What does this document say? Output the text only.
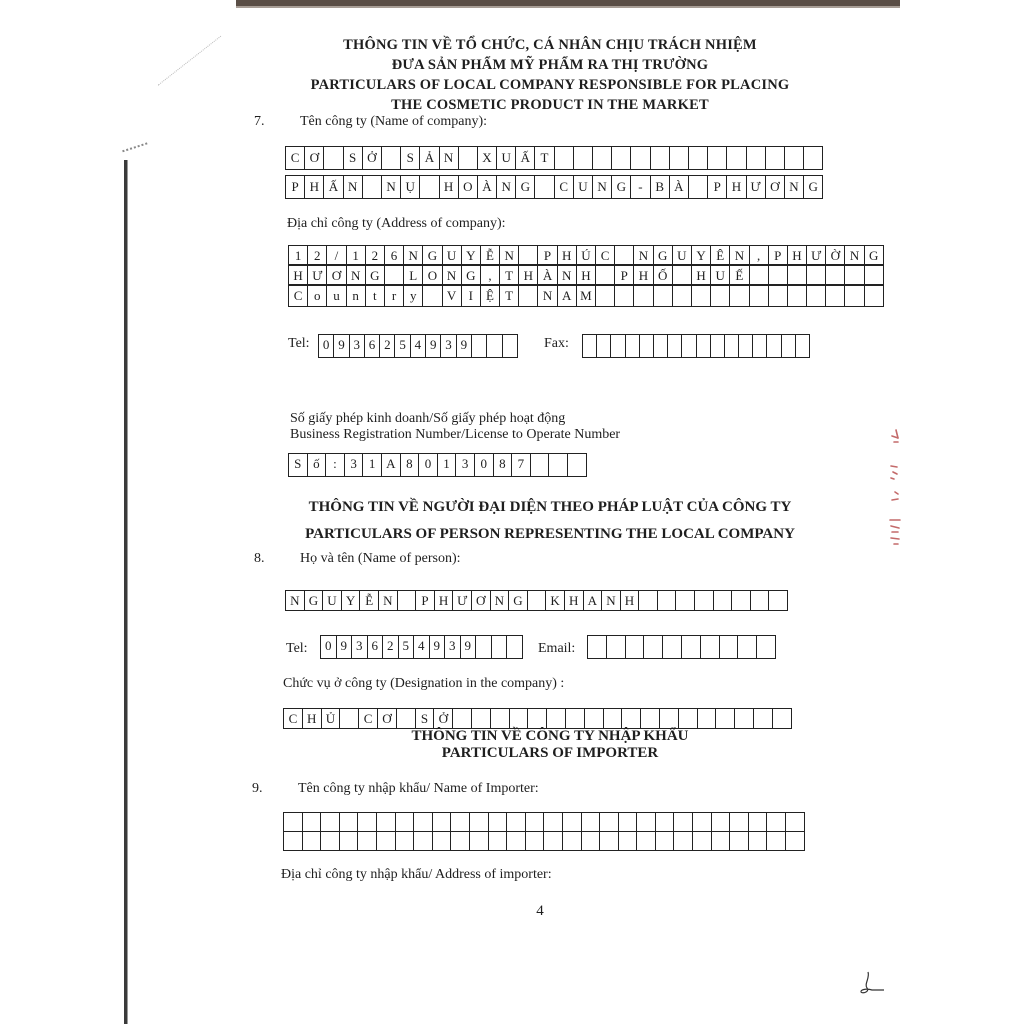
THÔNG TIN VỀ TỔ CHỨC, CÁ NHÂN CHỊU TRÁCH NHIỆM
ĐƯA SẢN PHẨM MỸ PHẨM RA THỊ TRƯỜNG
PARTICULARS OF LOCAL COMPANY RESPONSIBLE FOR PLACING
THE COSMETIC PRODUCT IN THE MARKET
7.	Tên công ty (Name of company):
C Ơ	S Ở	S Ả N	X U Ấ T
P H Ấ N	N Ụ	H O À N G	C U N G - B À	P H Ư Ơ N G
Địa chỉ công ty (Address of company):
1 2	/	1 2 6 N G U Y Ễ N	P H Ú C	N G U Y Ê N ,	P H Ư Ờ N G
H Ư Ơ N G	L O N G ,	T H À N H	P H Ố	H U Ế
C o u n	t	r	y	V I	Ệ T	N A M
Tel: 0 9 3 6 2 5 4 9 3 9	Fax:
Số giấy phép kinh doanh/Số giấy phép hoạt động
Business Registration Number/License to Operate Number
S ố	:	3 1 A 8 0 1 3 0 8 7
THÔNG TIN VỀ NGƯỜI ĐẠI DIỆN THEO PHÁP LUẬT CỦA CÔNG TY
PARTICULARS OF PERSON REPRESENTING THE LOCAL COMPANY
8.	Họ và tên (Name of person):
N G U Y Ễ N	P H Ư Ơ N G	K H A N H
Tel:	0 9 3 6 2 5 4 9 3 9	Email:
Chức vụ ở công ty (Designation in the company) :
C H Ủ	C Ơ	S Ở
THÔNG TIN VỀ CÔNG TY NHẬP KHẨU
PARTICULARS OF IMPORTER
9.	Tên công ty nhập khẩu/ Name of Importer:
Địa chỉ công ty nhập khẩu/ Address of importer:
4
